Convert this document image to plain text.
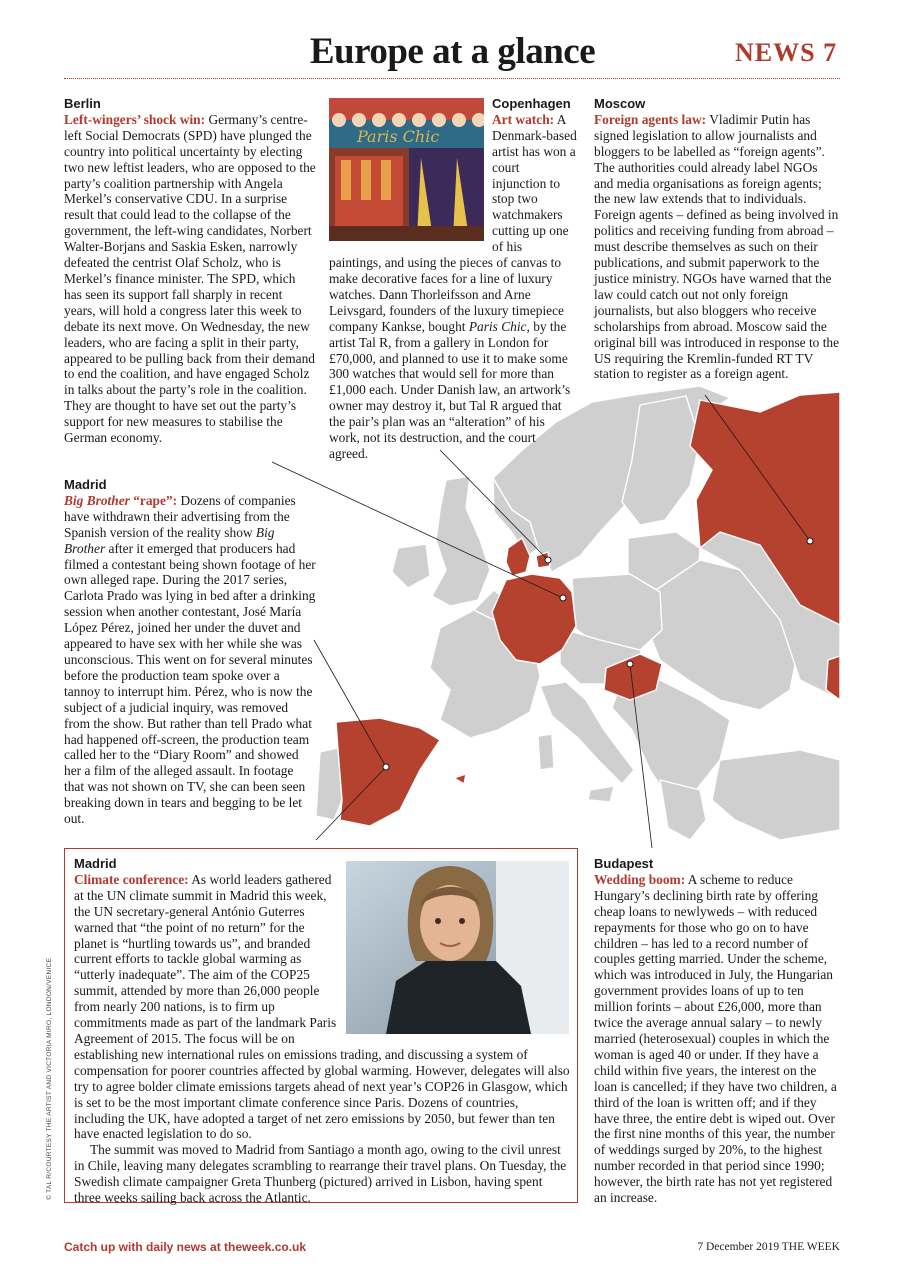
Europe at a glance	NEWS 7
Berlin

Left-wingers’ shock win: Germany’s centre-left Social Democrats (SPD) have plunged the country into political uncertainty by electing two new leftist leaders, who are opposed to the party’s coalition partnership with Angela Merkel’s conservative CDU. In a surprise result that could lead to the collapse of the government, the left-wing candidates, Norbert Walter-Borjans and Saskia Esken, narrowly defeated the centrist Olaf Scholz, who is Merkel’s finance minister. The SPD, which has seen its support fall sharply in recent years, will hold a congress later this week to debate its next move. On Wednesday, the new leaders, who are facing a split in their party, appeared to be pulling back from their demand to end the coalition, and have engaged Scholz in talks about the party’s role in the coalition. They are thought to have set out the party’s support for new measures to stabilise the German economy.

Paris Chic
Copenhagen

Art watch: A Denmark-based artist has won a court injunction to stop two watchmakers cutting up one of his paintings, and using the pieces of canvas to make decorative faces for a line of luxury watches. Dann Thorleifsson and Arne Leivsgard, founders of the luxury timepiece company Kankse, bought Paris Chic, by the artist Tal R, from a gallery in London for £70,000, and planned to use it to make some 300 watches that would sell for more than £1,000 each. Under Danish law, an artwork’s owner may destroy it, but Tal R argued that the pair’s plan was an “alteration” of his work, not its destruction, and the court agreed.

Moscow

Foreign agents law: Vladimir Putin has signed legislation to allow journalists and bloggers to be labelled as “foreign agents”. The authorities could already label NGOs and media organisations as foreign agents; the new law extends that to individuals. Foreign agents – defined as being involved in politics and receiving funding from abroad – must describe themselves as such on their publications, and submit paperwork to the justice ministry. NGOs have warned that the law could catch out not only foreign journalists, but also bloggers who receive scholarships from abroad. Moscow said the original bill was introduced in response to the US requiring the Kremlin-funded RT TV station to register as a foreign agent.

Madrid

Big Brother “rape”: Dozens of companies have withdrawn their advertising from the Spanish version of the reality show Big Brother after it emerged that producers had filmed a contestant being shown footage of her own alleged rape. During the 2017 series, Carlota Prado was lying in bed after a drinking session when another contestant, José María López Pérez, joined her under the duvet and appeared to have sex with her while she was unconscious. This went on for several minutes before the production team spoke over a tannoy to interrupt him. Pérez, who is now the subject of a judicial inquiry, was removed from the show. But rather than tell Prado what had happened off-screen, the production team called her to the “Diary Room” and showed her a film of the alleged assault. In footage that was not shown on TV, she can been seen breaking down in tears and begging to be let out.

Madrid

Climate conference: As world leaders gathered at the UN climate summit in Madrid this week, the UN secretary-general António Guterres warned that “the point of no return” for the planet is “hurtling towards us”, and branded current efforts to tackle global warming as “utterly inadequate”. The aim of the COP25 summit, attended by more than 26,000 people from nearly 200 nations, is to firm up commitments made as part of the landmark Paris Agreement of 2015. The focus will be on establishing new international rules on emissions trading, and discussing a system of compensation for poorer countries affected by global warming. However, delegates will also try to agree bolder climate emissions targets ahead of next year’s COP26 in Glasgow, which is set to be the most important climate conference since Paris. Dozens of countries, including the UK, have adopted a target of net zero emissions by 2050, but fewer than ten have enacted legislation to do so.

The summit was moved to Madrid from Santiago a month ago, owing to the civil unrest in Chile, leaving many delegates scrambling to rearrange their travel plans. On Tuesday, the Swedish climate campaigner Greta Thunberg (pictured) arrived in Lisbon, having spent three weeks sailing back across the Atlantic.

Budapest

Wedding boom: A scheme to reduce Hungary’s declining birth rate by offering cheap loans to newlyweds – with reduced repayments for those who go on to have children – has led to a record number of couples getting married. Under the scheme, which was introduced in July, the Hungarian government provides loans of up to ten million forints – about £26,000, more than twice the average annual salary – to newly married (heterosexual) couples in which the woman is aged 40 or under. If they have a child within five years, the interest on the loan is cancelled; if they have two children, a third of the loan is written off; and if they have three, the entire debt is wiped out. Over the first nine months of this year, the number of weddings surged by 20%, to the highest number recorded in that period since 1990; however, the birth rate has not yet registered an increase.

© TAL R/COURTESY THE ARTIST AND VICTORIA MIRO, LONDON/VENICE
Catch up with daily news at theweek.co.uk	7 December 2019 THE WEEK
